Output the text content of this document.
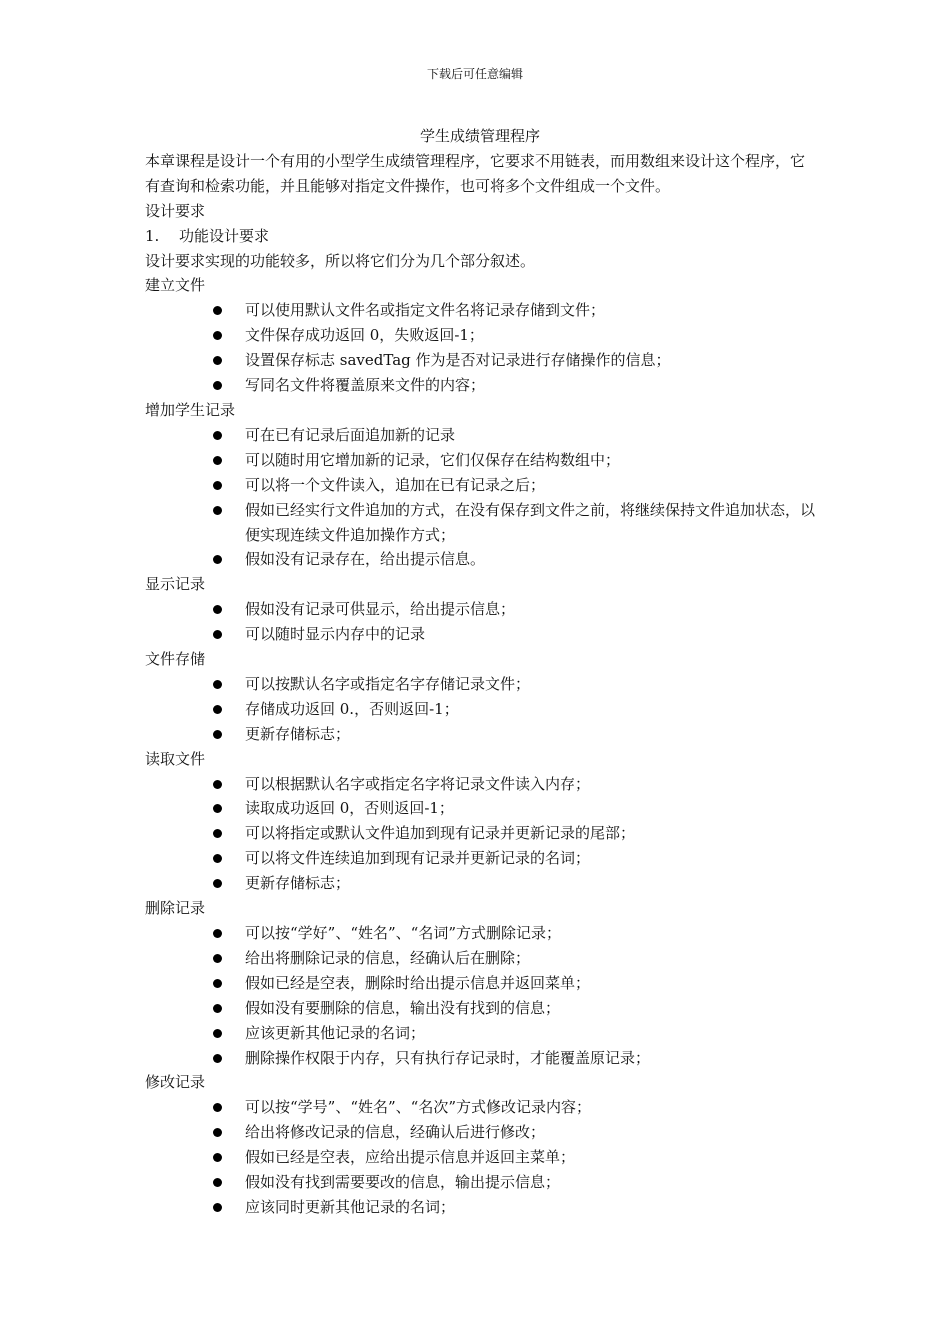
下载后可任意编辑
学生成绩管理程序

本章课程是设计一个有用的小型学生成绩管理程序，它要求不用链表，而用数组来设计这个程序，它有查询和检索功能，并且能够对指定文件操作，也可将多个文件组成一个文件。

设计要求

1.	功能设计要求

设计要求实现的功能较多，所以将它们分为几个部分叙述。

建立文件

可以使用默认文件名或指定文件名将记录存储到文件；
文件保存成功返回 0，失败返回-1；
设置保存标志 savedTag 作为是否对记录进行存储操作的信息；
写同名文件将覆盖原来文件的内容；

增加学生记录

可在已有记录后面追加新的记录
可以随时用它增加新的记录，它们仅保存在结构数组中；
可以将一个文件读入，追加在已有记录之后；
假如已经实行文件追加的方式，在没有保存到文件之前，将继续保持文件追加状态，以便实现连续文件追加操作方式；
假如没有记录存在，给出提示信息。

显示记录

假如没有记录可供显示，给出提示信息；
可以随时显示内存中的记录

文件存储

可以按默认名字或指定名字存储记录文件；
存储成功返回 0.，否则返回-1；
更新存储标志；

读取文件

可以根据默认名字或指定名字将记录文件读入内存；
读取成功返回 0，否则返回-1；
可以将指定或默认文件追加到现有记录并更新记录的尾部；
可以将文件连续追加到现有记录并更新记录的名词；
更新存储标志；

删除记录

可以按“学好”、“姓名”、“名词”方式删除记录；
给出将删除记录的信息，经确认后在删除；
假如已经是空表，删除时给出提示信息并返回菜单；
假如没有要删除的信息，输出没有找到的信息；
应该更新其他记录的名词；
删除操作权限于内存，只有执行存记录时，才能覆盖原记录；

修改记录

可以按“学号”、“姓名”、“名次”方式修改记录内容；
给出将修改记录的信息，经确认后进行修改；
假如已经是空表，应给出提示信息并返回主菜单；
假如没有找到需要要改的信息，输出提示信息；
应该同时更新其他记录的名词；
